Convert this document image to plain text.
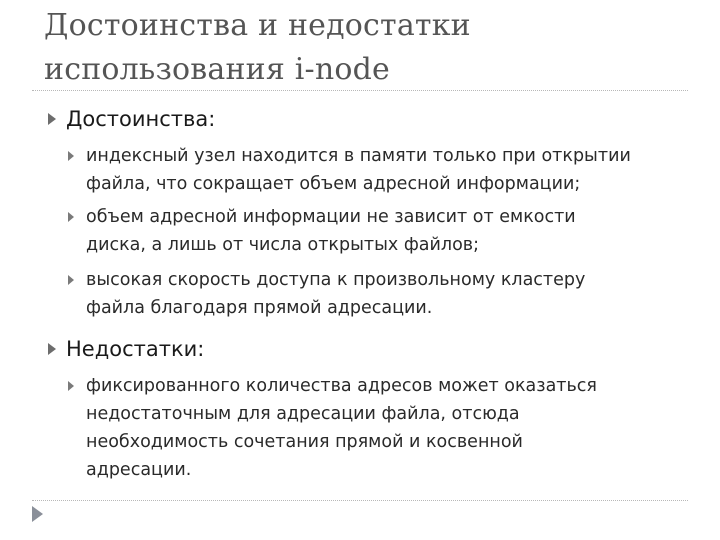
Достоинства и недостатки
использования i-node
Достоинства:
индексный узел находится в памяти только при открытии
файла, что сокращает объем адресной информации;
объем адресной информации не зависит от емкости
диска, а лишь от числа открытых файлов;
высокая скорость доступа к произвольному кластеру
файла благодаря прямой адресации.
Недостатки:
фиксированного количества адресов может оказаться
недостаточным для адресации файла, отсюда
необходимость сочетания прямой и косвенной
адресации.
